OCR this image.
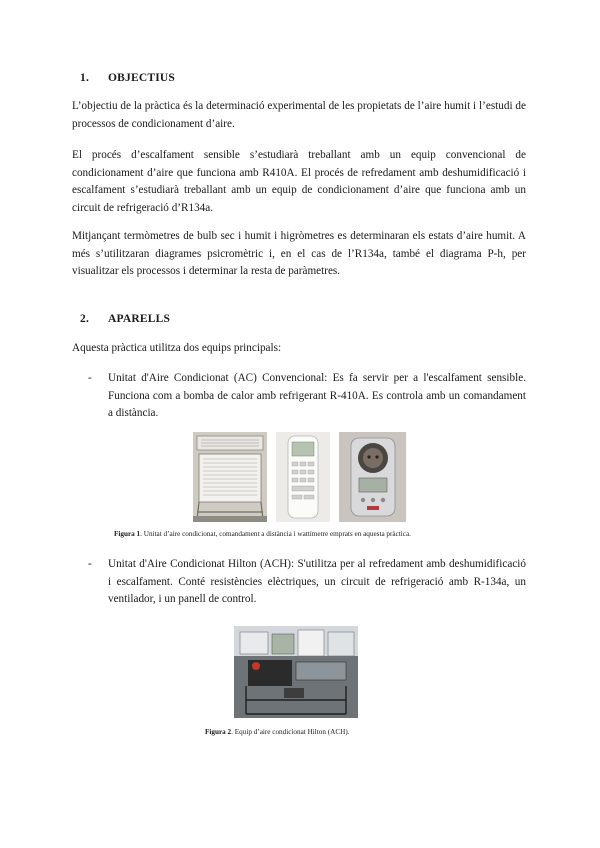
1. OBJECTIUS
L’objectiu de la pràctica és la determinació experimental de les propietats de l’aire humit i l’estudi de processos de condicionament d’aire.
El procés d’escalfament sensible s’estudiarà treballant amb un equip convencional de condicionament d’aire que funciona amb R410A. El procés de refredament amb deshumidificació i escalfament s’estudiarà treballant amb un equip de condicionament d’aire que funciona amb un circuit de refrigeració d’R134a.
Mitjançant termòmetres de bulb sec i humit i higròmetres es determinaran els estats d’aire humit. A més s’utilitzaran diagrames psicromètric i, en el cas de l’R134a, també el diagrama P-h, per visualitzar els processos i determinar la resta de paràmetres.
2. APARELLS
Aquesta pràctica utilitza dos equips principals:
- Unitat d'Aire Condicionat (AC) Convencional: Es fa servir per a l'escalfament sensible. Funciona com a bomba de calor amb refrigerant R-410A. Es controla amb un comandament a distància.
Figura 1. Unitat d’aire condicionat, comandament a distància i wattímetre emprats en aquesta pràctica.
- Unitat d'Aire Condicionat Hilton (ACH): S'utilitza per al refredament amb deshumidificació i escalfament. Conté resistències elèctriques, un circuit de refrigeració amb R-134a, un ventilador, i un panell de control.
Figura 2. Equip d’aire condicionat Hilton (ACH).
